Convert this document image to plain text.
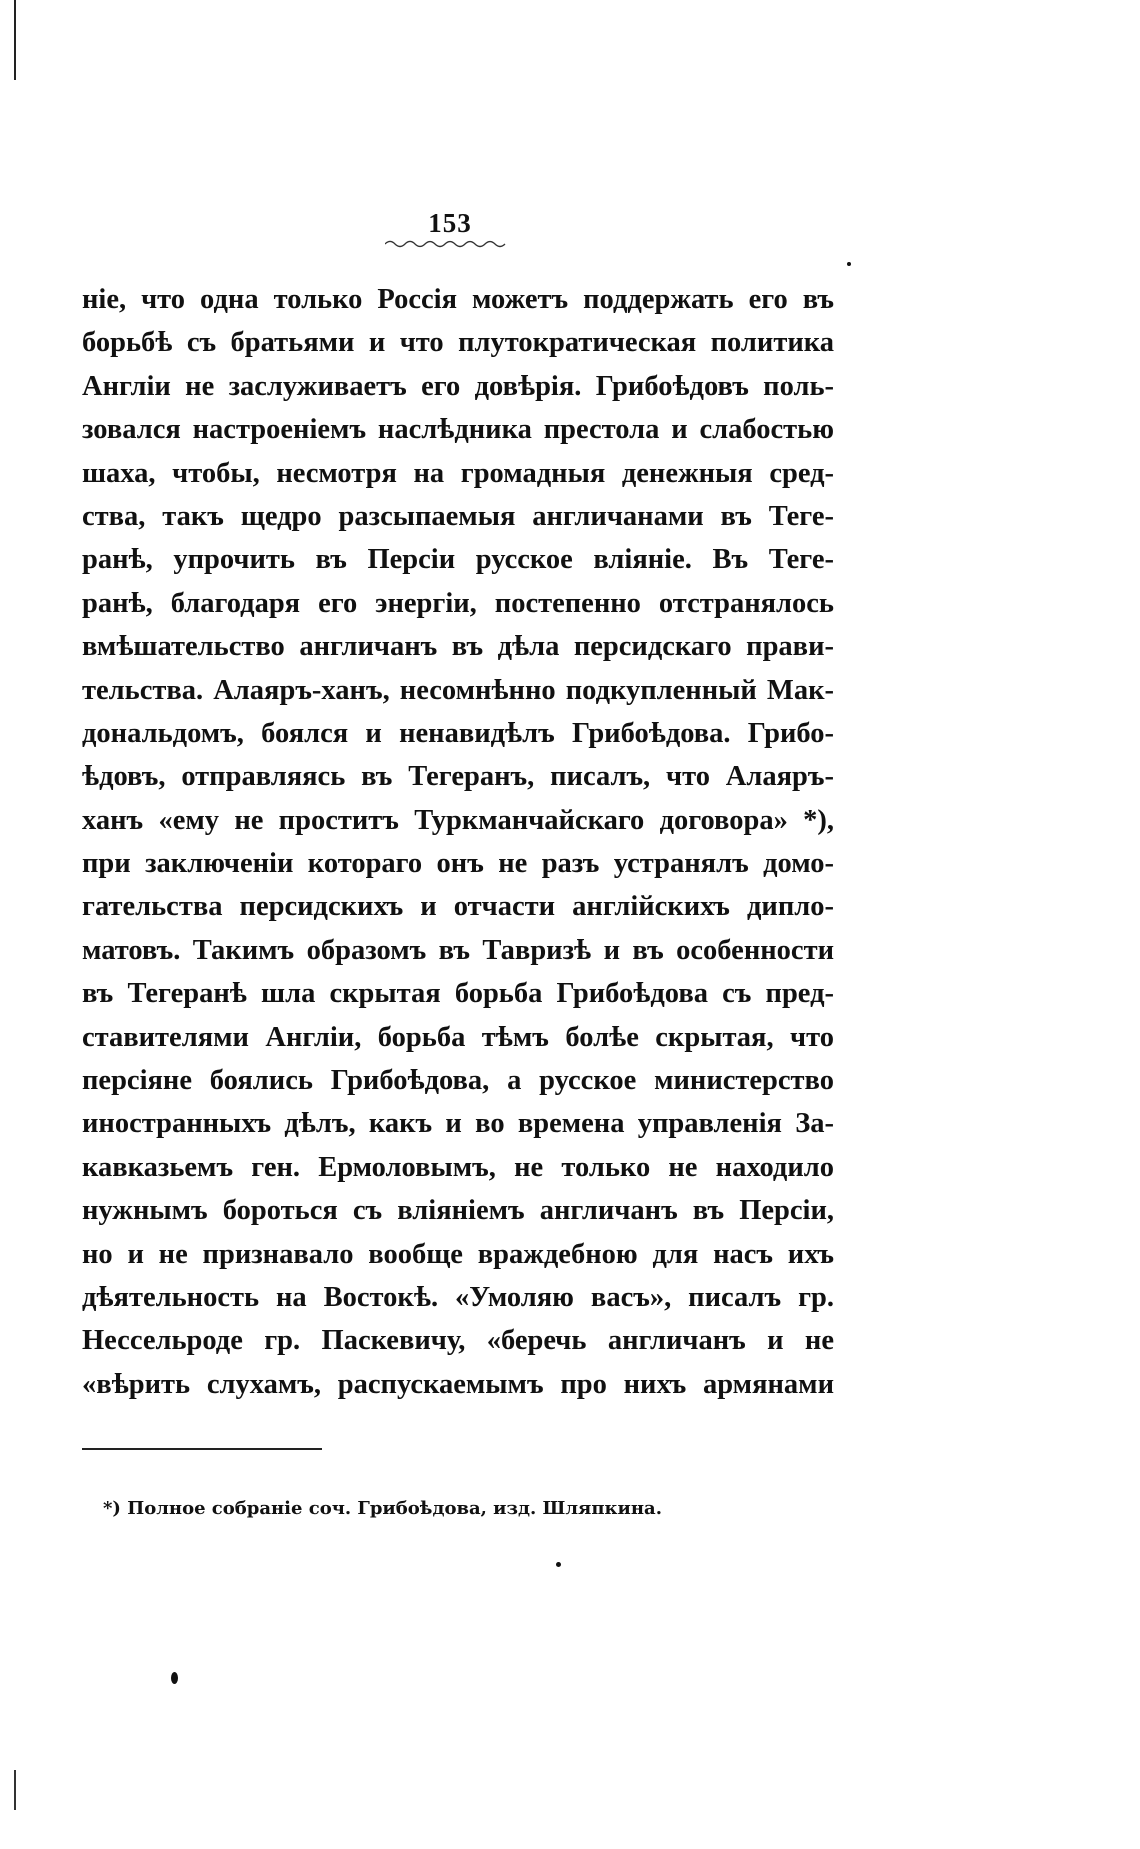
153
ніе, что одна только Россія можетъ поддержать его въ
борьбѣ съ братьями и что плутократическая политика
Англіи не заслуживаетъ его довѣрія. Грибоѣдовъ поль-
зовался настроеніемъ наслѣдника престола и слабостью
шаха, чтобы, несмотря на громадныя денежныя сред-
ства, такъ щедро разсыпаемыя англичанами въ Теге-
ранѣ, упрочить въ Персіи русское вліяніе. Въ Теге-
ранѣ, благодаря его энергіи, постепенно отстранялось
вмѣшательство англичанъ въ дѣла персидскаго прави-
тельства. Алаяръ-ханъ, несомнѣнно подкупленный Мак-
дональдомъ, боялся и ненавидѣлъ Грибоѣдова. Грибо-
ѣдовъ, отправляясь въ Тегеранъ, писалъ, что Алаяръ-
ханъ «ему не проститъ Туркманчайскаго договора» *),
при заключеніи котораго онъ не разъ устранялъ домо-
гательства персидскихъ и отчасти англійскихъ дипло-
матовъ. Такимъ образомъ въ Тавризѣ и въ особенности
въ Тегеранѣ шла скрытая борьба Грибоѣдова съ пред-
ставителями Англіи, борьба тѣмъ болѣе скрытая, что
персіяне боялись Грибоѣдова, а русское министерство
иностранныхъ дѣлъ, какъ и во времена управленія За-
кавказьемъ ген. Ермоловымъ, не только не находило
нужнымъ бороться съ вліяніемъ англичанъ въ Персіи,
но и не признавало вообще враждебною для насъ ихъ
дѣятельность на Востокѣ. «Умоляю васъ», писалъ гр.
Нессельроде гр. Паскевичу, «беречь англичанъ и не
«вѣрить слухамъ, распускаемымъ про нихъ армянами
*) Полное собраніе соч. Грибоѣдова, изд. Шляпкина.
